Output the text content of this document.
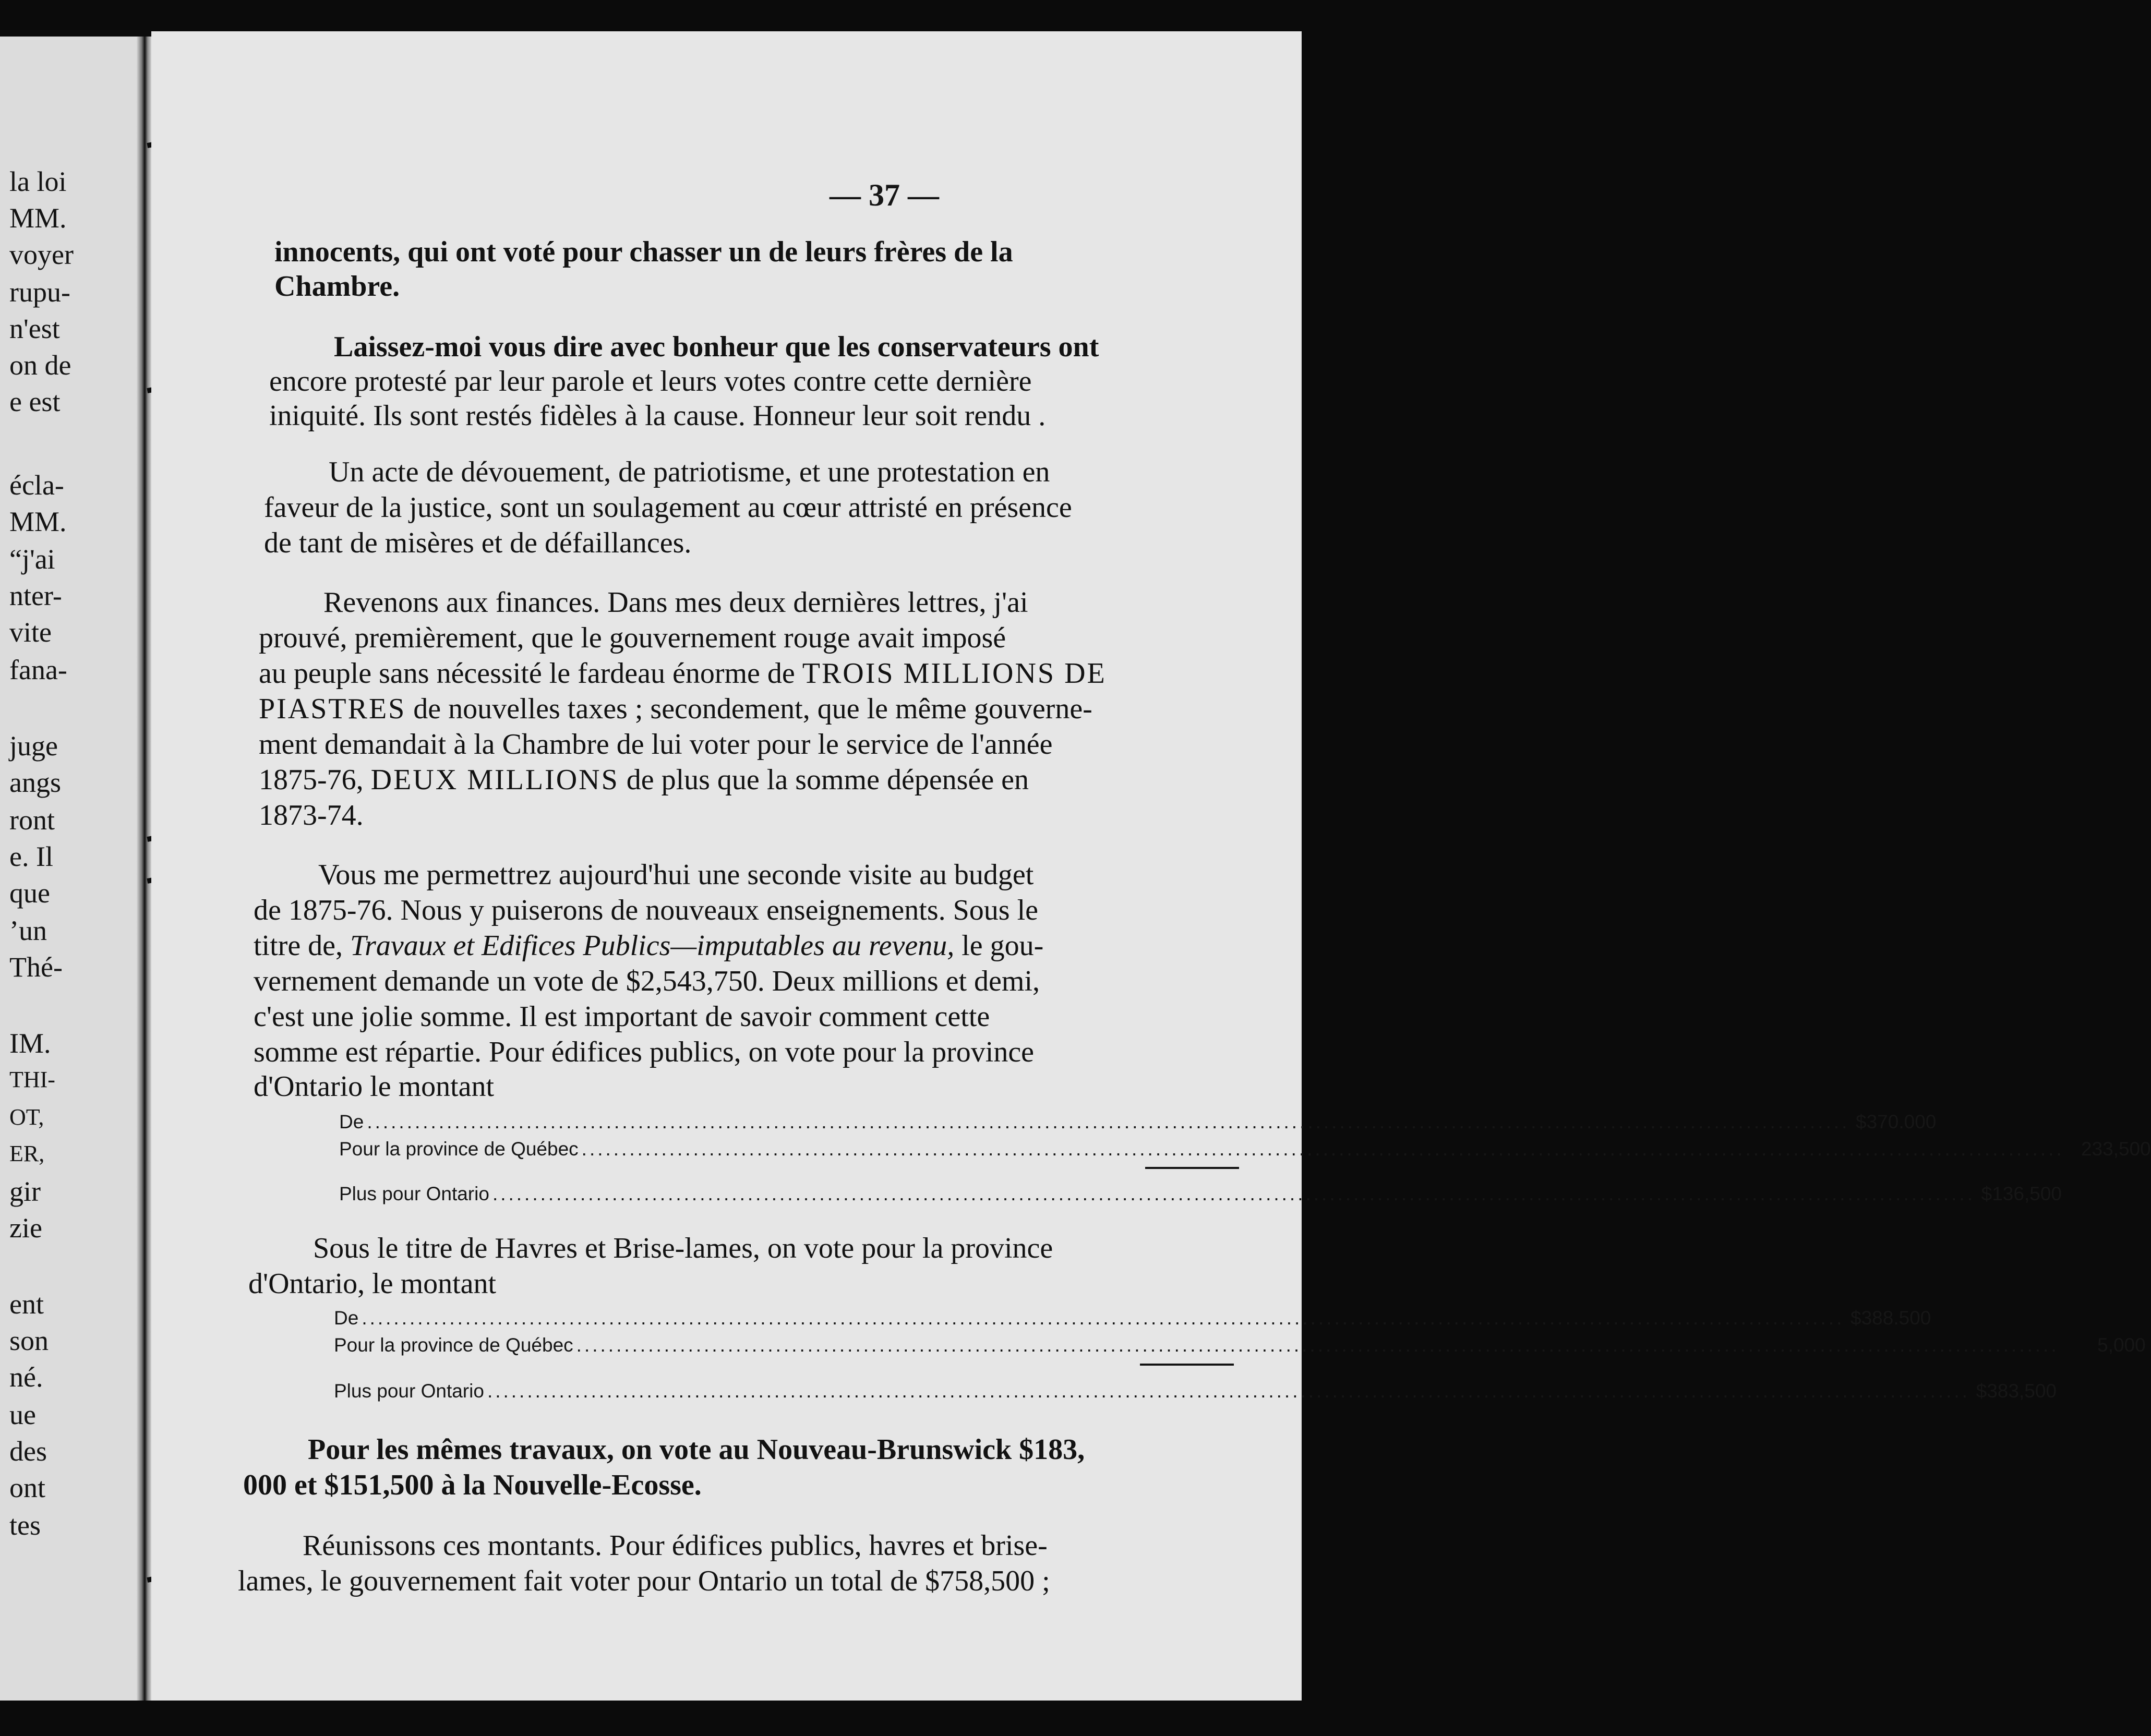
la loi
MM.
voyer
rupu-
n'est
on de
e est
écla-
MM.
“j'ai
nter-
vite
fana-
juge
angs
ront
e. Il
que
’un
Thé-
IM.
THI-
OT,
ER,
gir
zie
ent
son
né.
ue
des
ont
tes
— 37 —
innocents, qui ont voté pour chasser un de leurs frères de la
Chambre.
Laissez-moi vous dire avec bonheur que les conservateurs ont
encore protesté par leur parole et leurs votes contre cette dernière
iniquité. Ils sont restés fidèles à la cause. Honneur leur soit rendu .
Un acte de dévouement, de patriotisme, et une protestation en
faveur de la justice, sont un soulagement au cœur attristé en présence
de tant de misères et de défaillances.
Revenons aux finances. Dans mes deux dernières lettres, j'ai
prouvé, premièrement, que le gouvernement rouge avait imposé
au peuple sans nécessité le fardeau énorme de TROIS MILLIONS DE
PIASTRES de nouvelles taxes ; secondement, que le même gouverne-
ment demandait à la Chambre de lui voter pour le service de l'année
1875-76, DEUX MILLIONS de plus que la somme dépensée en
1873-74.
Vous me permettrez aujourd'hui une seconde visite au budget
de 1875-76. Nous y puiserons de nouveaux enseignements. Sous le
titre de, Travaux et Edifices Publics—imputables au revenu, le gou-
vernement demande un vote de $2,543,750. Deux millions et demi,
c'est une jolie somme. Il est important de savoir comment cette
somme est répartie. Pour édifices publics, on vote pour la province
d'Ontario le montant
De .......................................................................................................................................................................................... $370.000
Pour la province de Québec .......................................................................................................................................................................................... 233,500
Plus pour Ontario .......................................................................................................................................................................................... $136,500
Sous le titre de Havres et Brise-lames, on vote pour la province
d'Ontario, le montant
De .......................................................................................................................................................................................... $388.500
Pour la province de Québec ..........................................................................................................................................................................................	5,000
Plus pour Ontario .......................................................................................................................................................................................... $383,500
Pour les mêmes travaux, on vote au Nouveau-Brunswick $183,
000 et $151,500 à la Nouvelle-Ecosse.
Réunissons ces montants. Pour édifices publics, havres et brise-
lames, le gouvernement fait voter pour Ontario un total de $758,500 ;
